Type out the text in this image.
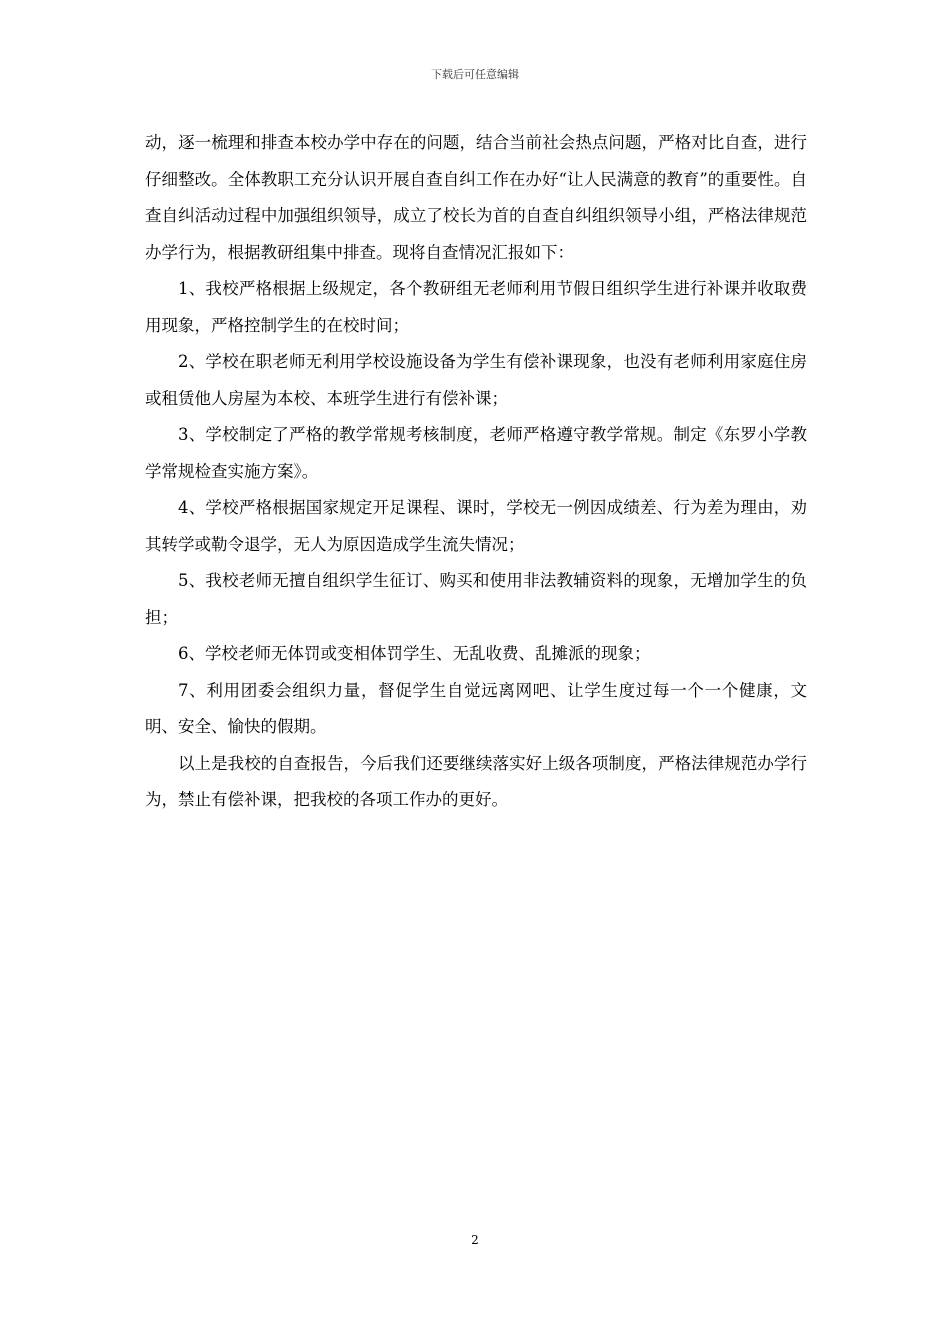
下载后可任意编辑

动，逐一梳理和排查本校办学中存在的问题，结合当前社会热点问题，严格对比自查，进行仔细整改。全体教职工充分认识开展自查自纠工作在办好“让人民满意的教育”的重要性。自查自纠活动过程中加强组织领导，成立了校长为首的自查自纠组织领导小组，严格法律规范办学行为，根据教研组集中排查。现将自查情况汇报如下：

1、我校严格根据上级规定，各个教研组无老师利用节假日组织学生进行补课并收取费用现象，严格控制学生的在校时间；

2、学校在职老师无利用学校设施设备为学生有偿补课现象，也没有老师利用家庭住房或租赁他人房屋为本校、本班学生进行有偿补课；

3、学校制定了严格的教学常规考核制度，老师严格遵守教学常规。制定《东罗小学教学常规检查实施方案》。

4、学校严格根据国家规定开足课程、课时，学校无一例因成绩差、行为差为理由，劝其转学或勒令退学，无人为原因造成学生流失情况；

5、我校老师无擅自组织学生征订、购买和使用非法教辅资料的现象，无增加学生的负担；

6、学校老师无体罚或变相体罚学生、无乱收费、乱摊派的现象；

7、利用团委会组织力量，督促学生自觉远离网吧、让学生度过每一个一个健康，文明、安全、愉快的假期。

以上是我校的自查报告，今后我们还要继续落实好上级各项制度，严格法律规范办学行为，禁止有偿补课，把我校的各项工作办的更好。

2
